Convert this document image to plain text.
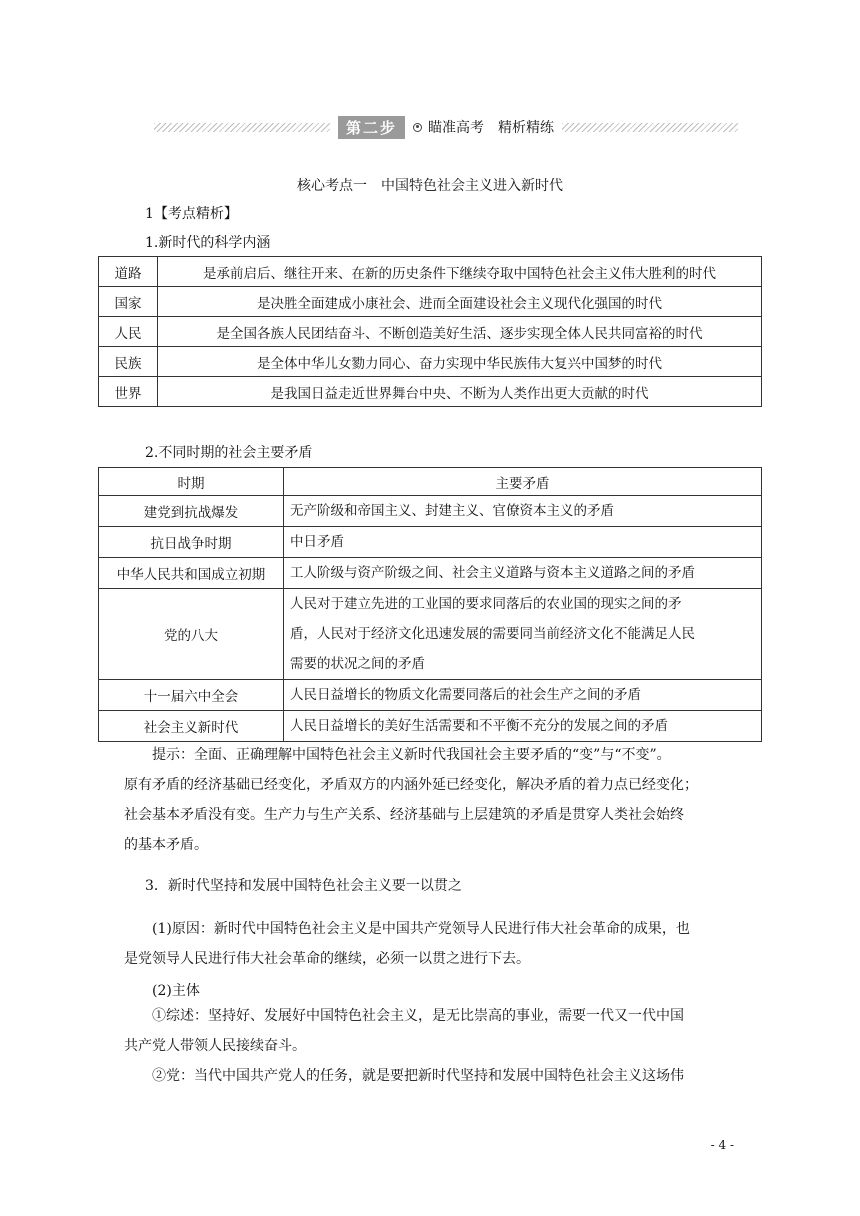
第二步	瞄准高考　精析精练
核心考点一　中国特色社会主义进入新时代
1【考点精析】
1.新时代的科学内涵
道路	是承前启后、继往开来、在新的历史条件下继续夺取中国特色社会主义伟大胜利的时代
国家	是决胜全面建成小康社会、进而全面建设社会主义现代化强国的时代
人民	是全国各族人民团结奋斗、不断创造美好生活、逐步实现全体人民共同富裕的时代
民族	是全体中华儿女勠力同心、奋力实现中华民族伟大复兴中国梦的时代
世界	是我国日益走近世界舞台中央、不断为人类作出更大贡献的时代
2.不同时期的社会主要矛盾
时期	主要矛盾
建党到抗战爆发	无产阶级和帝国主义、封建主义、官僚资本主义的矛盾

抗日战争时期	中日矛盾

中华人民共和国成立初期	工人阶级与资产阶级之间、社会主义道路与资本主义道路之间的矛盾

党的八大	人民对于建立先进的工业国的要求同落后的农业国的现实之间的矛
盾，人民对于经济文化迅速发展的需要同当前经济文化不能满足人民
需要的状况之间的矛盾

十一届六中全会	人民日益增长的物质文化需要同落后的社会生产之间的矛盾

社会主义新时代	人民日益增长的美好生活需要和不平衡不充分的发展之间的矛盾
提示：全面、正确理解中国特色社会主义新时代我国社会主要矛盾的“变”与“不变”。
原有矛盾的经济基础已经变化，矛盾双方的内涵外延已经变化，解决矛盾的着力点已经变化；
社会基本矛盾没有变。生产力与生产关系、经济基础与上层建筑的矛盾是贯穿人类社会始终
的基本矛盾。
3．新时代坚持和发展中国特色社会主义要一以贯之
(1)原因：新时代中国特色社会主义是中国共产党领导人民进行伟大社会革命的成果，也
是党领导人民进行伟大社会革命的继续，必须一以贯之进行下去。
(2)主体
①综述：坚持好、发展好中国特色社会主义，是无比崇高的事业，需要一代又一代中国
共产党人带领人民接续奋斗。
②党：当代中国共产党人的任务，就是要把新时代坚持和发展中国特色社会主义这场伟
- 4 -
